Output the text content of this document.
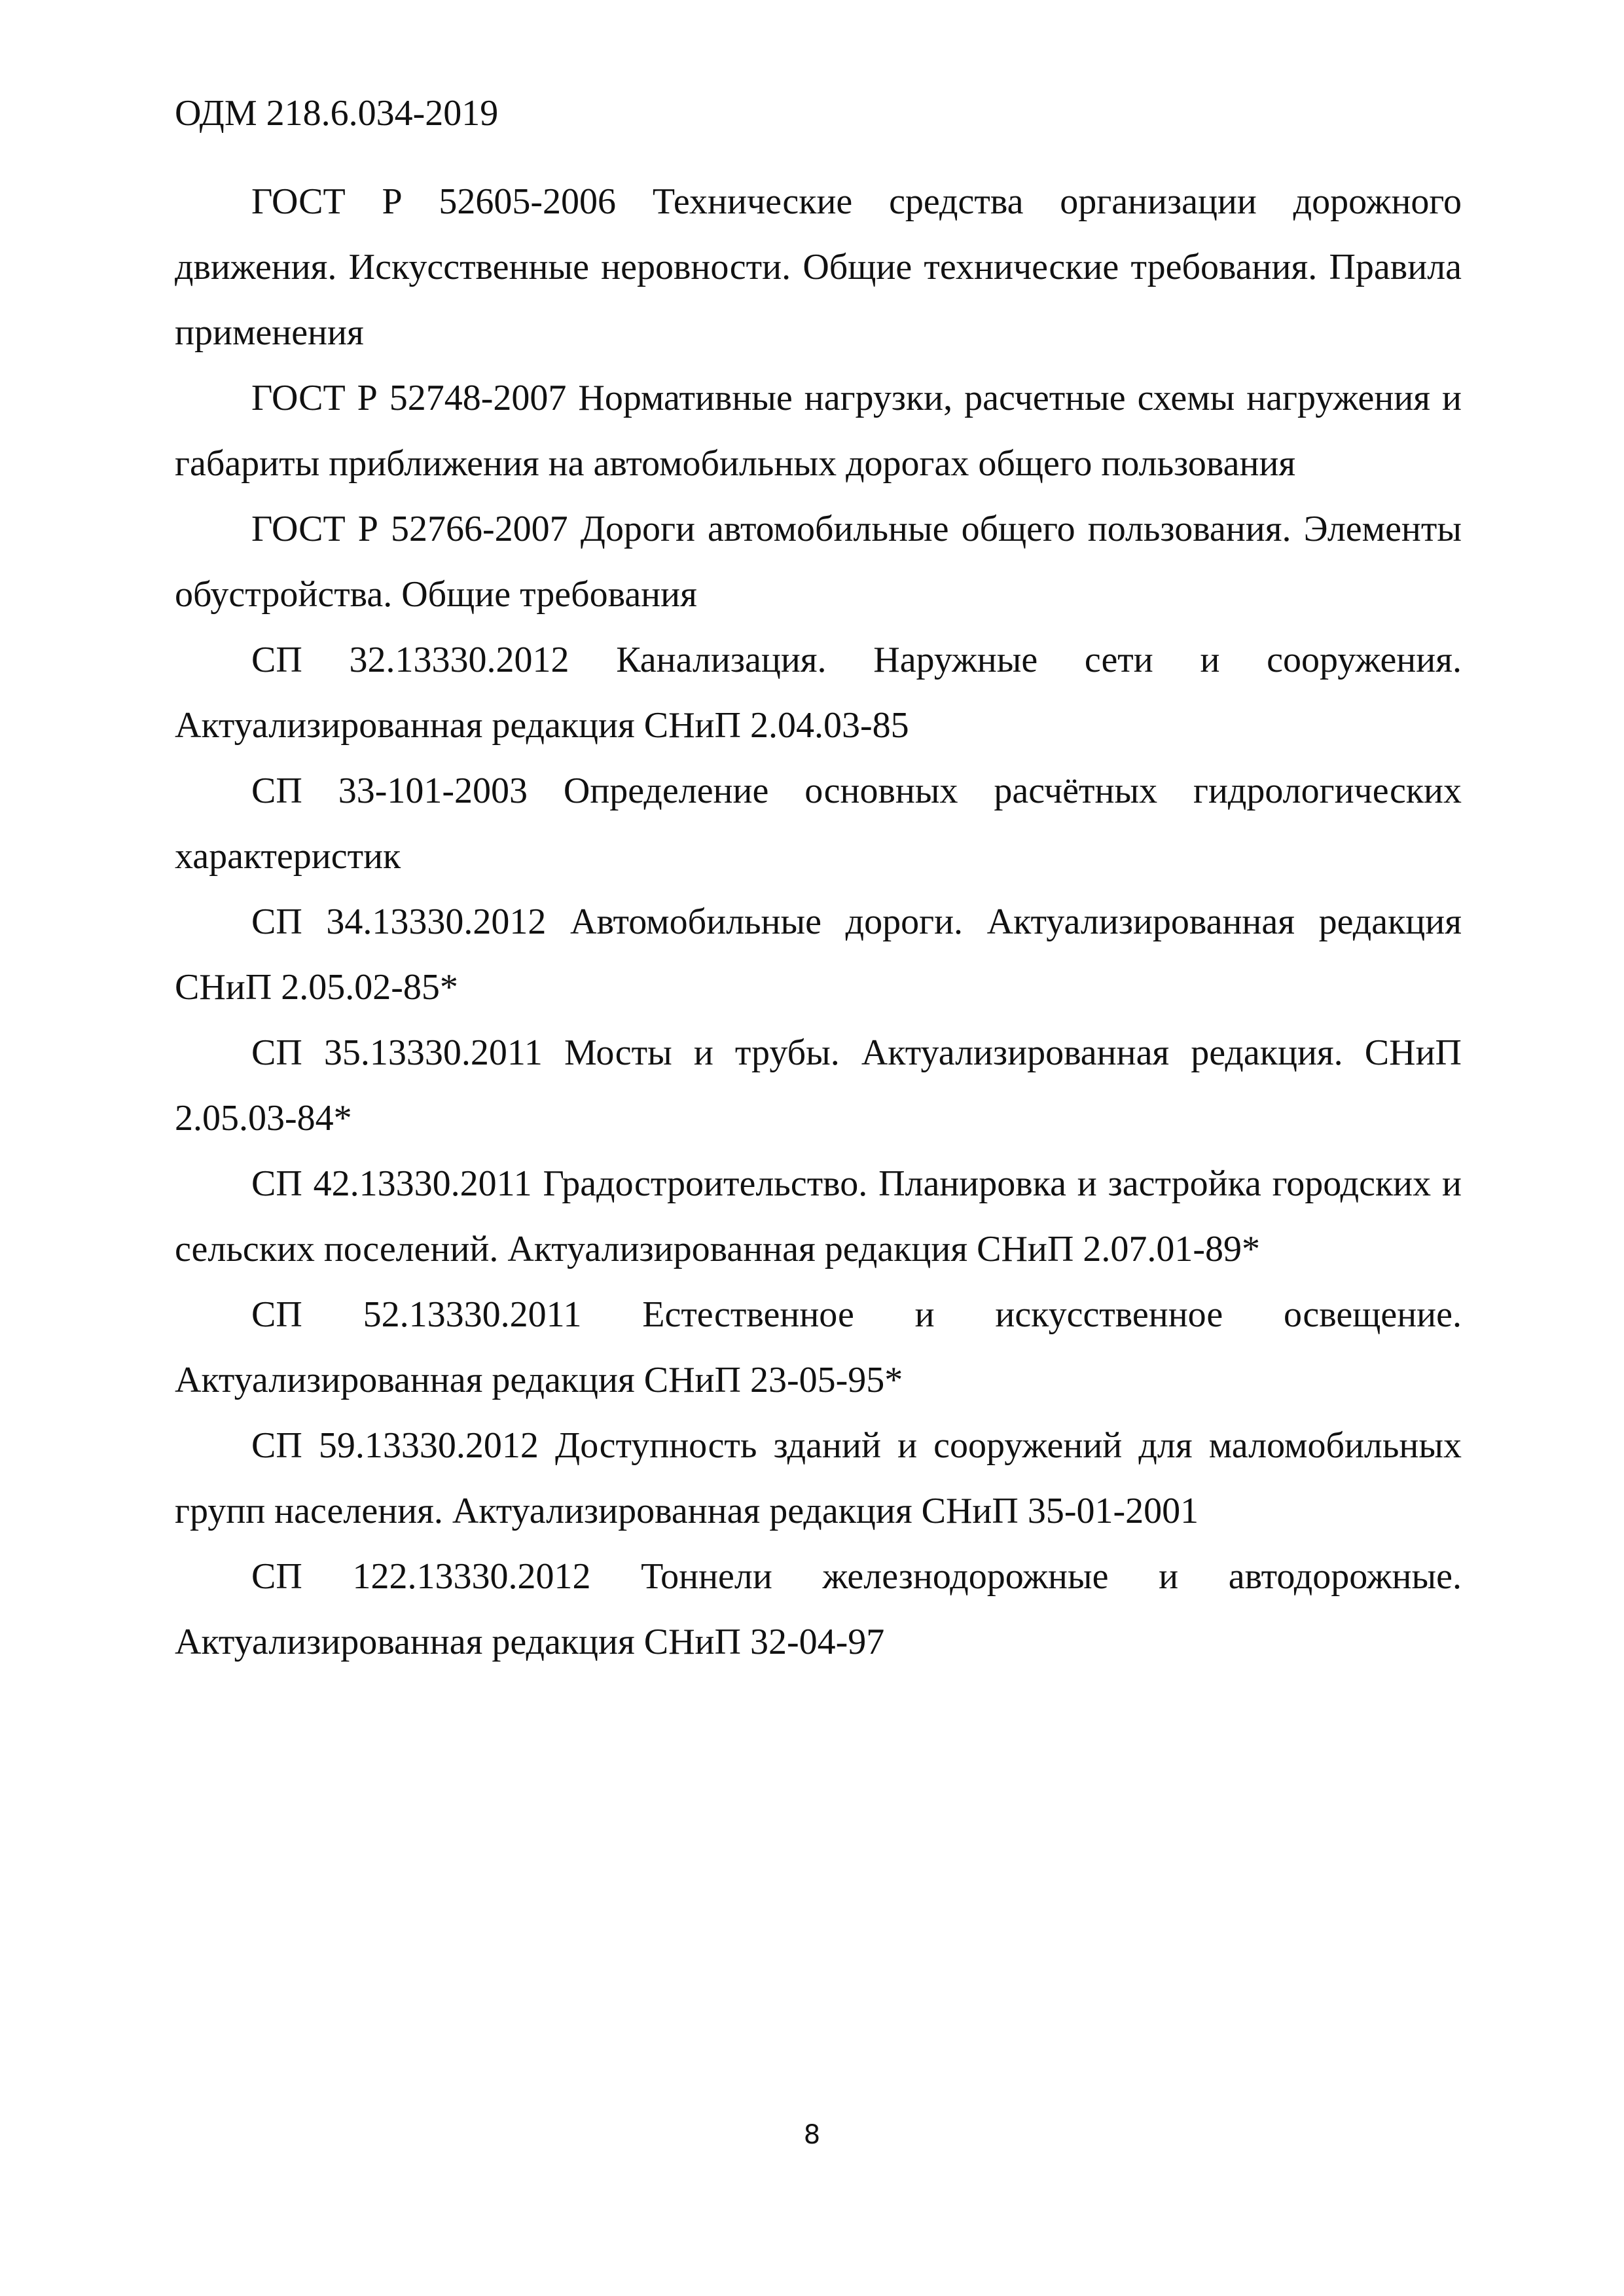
ОДМ 218.6.034-2019
ГОСТ Р 52605-2006 Технические средства организации дорожного движения. Искусственные неровности. Общие технические требования. Правила применения
ГОСТ Р 52748-2007 Нормативные нагрузки, расчетные схемы нагружения и габариты приближения на автомобильных дорогах общего пользования
ГОСТ Р 52766-2007 Дороги автомобильные общего пользования. Элементы обустройства. Общие требования
СП 32.13330.2012 Канализация. Наружные сети и сооружения. Актуализированная редакция СНиП 2.04.03-85
СП 33-101-2003 Определение основных расчётных гидрологических характеристик
СП 34.13330.2012 Автомобильные дороги. Актуализированная редакция СНиП 2.05.02-85*
СП 35.13330.2011 Мосты и трубы. Актуализированная редакция. СНиП 2.05.03-84*
СП 42.13330.2011 Градостроительство. Планировка и застройка городских и сельских поселений. Актуализированная редакция СНиП 2.07.01-89*
СП 52.13330.2011 Естественное и искусственное освещение. Актуализированная редакция СНиП 23-05-95*
СП 59.13330.2012 Доступность зданий и сооружений для маломобильных групп населения. Актуализированная редакция СНиП 35-01-2001
СП 122.13330.2012 Тоннели железнодорожные и автодорожные. Актуализированная редакция СНиП 32-04-97
8
